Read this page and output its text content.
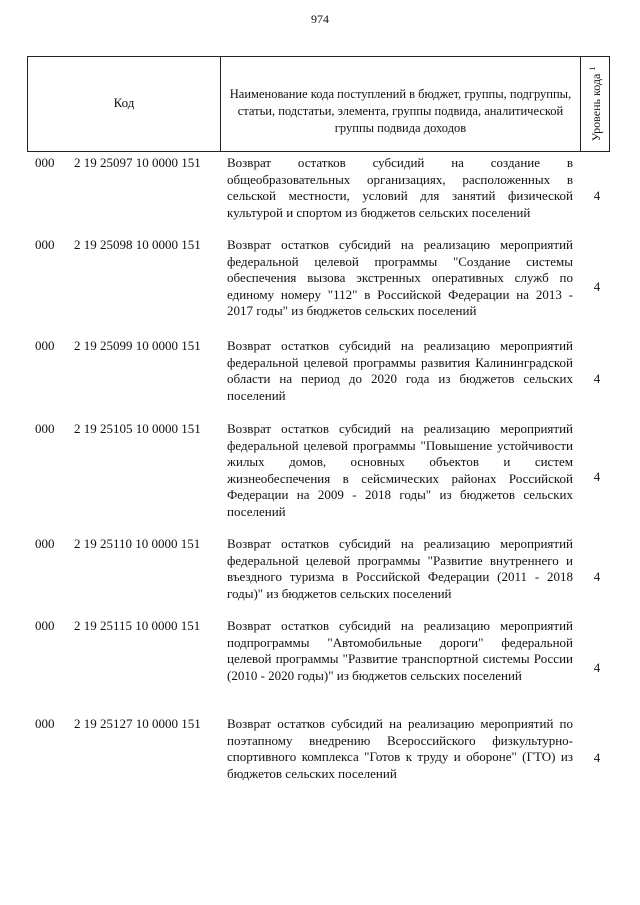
974
Код
Наименование кода поступлений в бюджет, группы, подгруппы, статьи, подстатьи, элемента, группы подвида, аналитической группы подвида доходов	Уровень кода $^1$
000 2 19 25097 10 0000 151 Возврат остатков субсидий на создание в общеобразовательных организациях, расположенных в сельской местности, условий для занятий физической культурой и спортом из бюджетов сельских поселений
4
000 2 19 25098 10 0000 151 Возврат остатков субсидий на реализацию мероприятий федеральной целевой программы "Создание системы обеспечения вызова экстренных оперативных служб по единому номеру "112" в Российской Федерации на 2013 - 2017 годы" из бюджетов сельских поселений
4
000 2 19 25099 10 0000 151 Возврат остатков субсидий на реализацию мероприятий федеральной целевой программы развития Калининградской области на период до 2020 года из бюджетов сельских поселений
4
000 2 19 25105 10 0000 151 Возврат остатков субсидий на реализацию мероприятий федеральной целевой программы "Повышение устойчивости жилых домов, основных объектов и систем жизнеобеспечения в сейсмических районах Российской Федерации на 2009 - 2018 годы" из бюджетов сельских поселений
4
000 2 19 25110 10 0000 151 Возврат остатков субсидий на реализацию мероприятий федеральной целевой программы "Развитие внутреннего и въездного туризма в Российской Федерации (2011 - 2018 годы)" из бюджетов сельских поселений
4
000 2 19 25115 10 0000 151 Возврат остатков субсидий на реализацию мероприятий подпрограммы "Автомобильные дороги" федеральной целевой программы "Развитие транспортной системы России (2010 - 2020 годы)" из бюджетов сельских поселений	4
000 2 19 25127 10 0000 151 Возврат остатков субсидий на реализацию мероприятий по поэтапному внедрению Всероссийского физкультурно-спортивного комплекса "Готов к труду и обороне" (ГТО) из бюджетов сельских поселений
4
